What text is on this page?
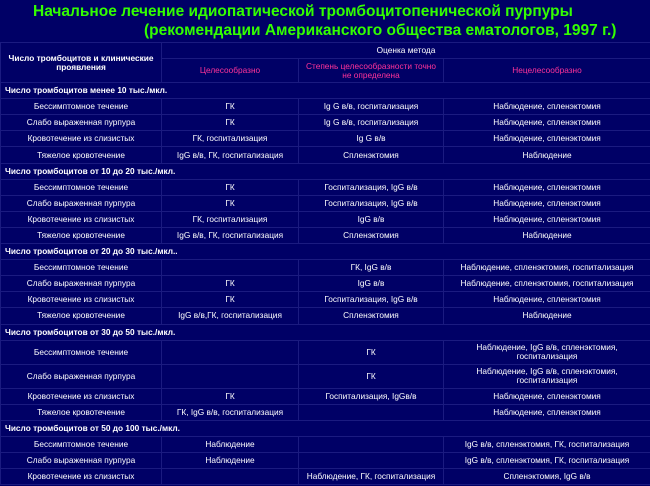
Начальное лечение идиопатической тромбоцитопенической пурпуры
(рекомендации Американского общества ематологов, 1997 г.)
Число тромбоцитов и клинические проявления	Оценка метода		
	Целесообразно	Степень целесообразности точно не определена	Нецелесообразно
Число тромбоцитов менее 10 тыс./мкл.			
Бессимптомное течение	ГК	Ig G в/в, госпитализация	Наблюдение, спленэктомия
Слабо выраженная пурпура	ГК	Ig G в/в, госпитализация	Наблюдение, спленэктомия
Кровотечение из слизистых	ГК, госпитализация	Ig G в/в	Наблюдение, спленэктомия
Тяжелое кровотечение	IgG в/в, ГК, госпитализация	Спленэктомия	Наблюдение
Число тромбоцитов от 10 до 20 тыс./мкл.			
Бессимптомное течение	ГК	Госпитализация, IgG в/в	Наблюдение, спленэктомия
Слабо выраженная пурпура	ГК	Госпитализация, IgG в/в	Наблюдение, спленэктомия
Кровотечение из слизистых	ГК, госпитализация	IgG в/в	Наблюдение, спленэктомия
Тяжелое кровотечение	IgG в/в, ГК, госпитализация	Спленэктомия	Наблюдение
Число тромбоцитов от 20 до 30 тыс./мкл..			
Бессимптомное течение		ГК, IgG в/в	Наблюдение, спленэктомия, госпитализация
Слабо выраженная пурпура	ГК	IgG в/в	Наблюдение, спленэктомия, госпитализация
Кровотечение из слизистых	ГК	Госпитализация, IgG в/в	Наблюдение, спленэктомия
Тяжелое кровотечение	IgG в/в,ГК, госпитализация	Спленэктомия	Наблюдение
Число тромбоцитов от 30 до 50 тыс./мкл.			
Бессимптомное течение		ГК	Наблюдение, IgG в/в, спленэктомия, госпитализация
Слабо выраженная пурпура		ГК	Наблюдение, IgG в/в, спленэктомия, госпитализация
Кровотечение из слизистых	ГК	Госпитализация, IgGв/в	Наблюдение, спленэктомия
Тяжелое кровотечение	ГК, IgG в/в, госпитализация		Наблюдение, спленэктомия
Число тромбоцитов от 50 до 100 тыс./мкл.			
Бессимптомное течение	Наблюдение		IgG в/в, спленэктомия, ГК, госпитализация
Слабо выраженная пурпура	Наблюдение		IgG в/в, спленэктомия, ГК, госпитализация
Кровотечение из слизистых		Наблюдение, ГК, госпитализация	Спленэктомия, IgG в/в
